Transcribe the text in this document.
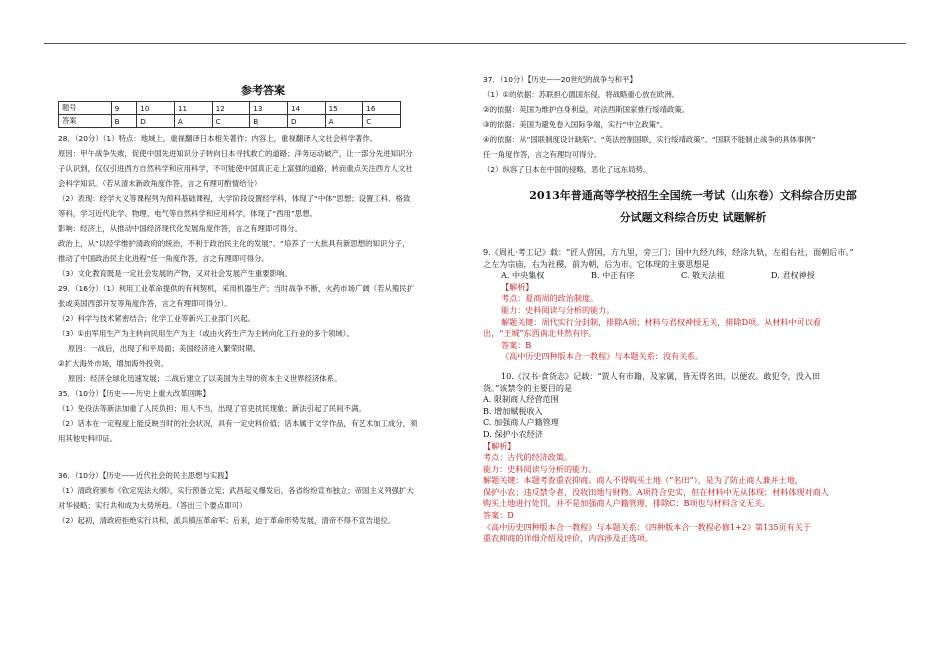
参考答案
题号	9	10	11	12	13	14	15	16
答案	B	D	A	C	B	D	A	C
28．（20分）（1）特点：地域上，重视翻译日本相关著作；内容上，重视翻译人文社会科学著作。
原因：甲午战争失败，促使中国先进知识分子转向日本寻找救亡的道路；洋务运动破产，让一部分先进知识分
子认识到，仅仅引进西方自然科学和应用科学，不可能使中国真正走上富强的道路，转而重点关注西方人文社
会科学知识。（若从清末新政角度作答，言之有理可酌情给分）
（2）表现：经学大义等课程列为预科基础课程，大学阶段设置经学科，体现了“中体”思想；设置工科、格致
等科，学习近代化学、物理、电气等自然科学和应用科学，体现了“西用”思想。
影响：经济上，从推动中国经济现代化发展角度作答，言之有理即可得分。
政治上，从“以经学维护清政府的统治，不利于政治民主化的发展”、“培养了一大批具有新思想的知识分子，
推动了中国政治民主化进程”任一角度作答，言之有理即可得分。
（3）文化教育既是一定社会发展的产物，又对社会发展产生重要影响。
29．（16分）（1）利用工业革命提供的有利契机，采用机器生产；当时战争不断，火药市场广阔（若从殖民扩
张或美国西部开发等角度作答，言之有理即可得分）。
（2）科学与技术紧密结合；化学工业等新兴工业部门兴起。
（3）①由军用生产为主转向民用生产为主（或由火药生产为主转向化工行业的多个领域）。
原因：一战后，出现了和平局面；美国经济进入繁荣时期。
②扩大海外市场，增加海外投资。
原因：经济全球化迅速发展；二战后建立了以美国为主导的资本主义世界经济体系。
35．（10分）【历史——历史上重大改革回眸】
（1）免役法等新法加重了人民负担；用人不当，出现了官吏扰民现象；新法引起了民间不满。
（2）话本在一定程度上能反映当时的社会状况，具有一定史料价值；话本属于文学作品，有艺术加工成分，须
用其他史料印证。
36．（10分）【历史——近代社会的民主思想与实践】
（1）清政府颁布《钦定宪法大纲》，实行预备立宪；武昌起义爆发后，各省纷纷宣布独立；帝国主义列强扩大
对华侵略；实行共和成为大势所趋。（答出三个要点即可）
（2）起初，清政府拒绝实行共和，派兵镇压革命军；后来，迫于革命形势发展，清帝不得不宣告退位。
37．（10分）【历史——20世纪的战争与和平】
（1）①的依据：苏联担心德国东侵，将战略重心放在欧洲。
②的依据：英国为维护自身利益，对法西斯国家推行绥靖政策。
③的依据：美国为避免卷入国际争端，实行“中立政策”。
④的依据：从“国联制度设计缺陷”、“英法控制国联，实行绥靖政策”、“国联不能制止战争的具体事例”
任一角度作答，言之有理均可得分。
（2）纵容了日本在中国的侵略，恶化了远东局势。
2013年普通高等学校招生全国统一考试（山东卷）文科综合历史部
分试题文科综合历史 试题解析
9.《周礼·考工记》载：“匠人营国，方九里，旁三门；国中九经九纬，经涂九轨，左祖右社，面朝后市。”
之左为宗庙，右为社稷，前为朝，后为市。它体现的主要思想是
A. 中央集权	B. 中正有序	C. 敬天法祖	D. 君权神授
【解析】
考点：夏商周的政治制度。
能力：史料阅读与分析的能力。
解题关键：周代实行分封制，排除A项；材料与君权神授无关，排除D项。从材料中可以看
出，“王城”东西南北井然有序。
答案：B
《高中历史四种版本合一教程》与本题关系：没有关系。
10.《汉书·食货志》记载：“贾人有市籍，及家属，皆无得名田，以便农。敢犯令，没入田
货。”该禁令的主要目的是
A. 限制商人经营范围
B. 增加赋税收入
C. 加强商人户籍管理
D. 保护小农经济
【解析】
考点：古代的经济政策。
能力：史料阅读与分析的能力。
解题关键：本题考查重农抑商。商人不得购买土地（“名田”），是为了防止商人兼并土地，
保护小农；违反禁令者，没收田地与财物。A项符合史实，但在材料中无从体现；材料体现对商人
购买土地进行处罚，并不是加强商人户籍管理，排除C；B项也与材料含义无关。
答案：D
《高中历史四种版本合一教程》与本题关系：《四种版本合一教程必修1+2》第135页有关于
重农抑商的详细介绍及评价，内容涉及正选项。
